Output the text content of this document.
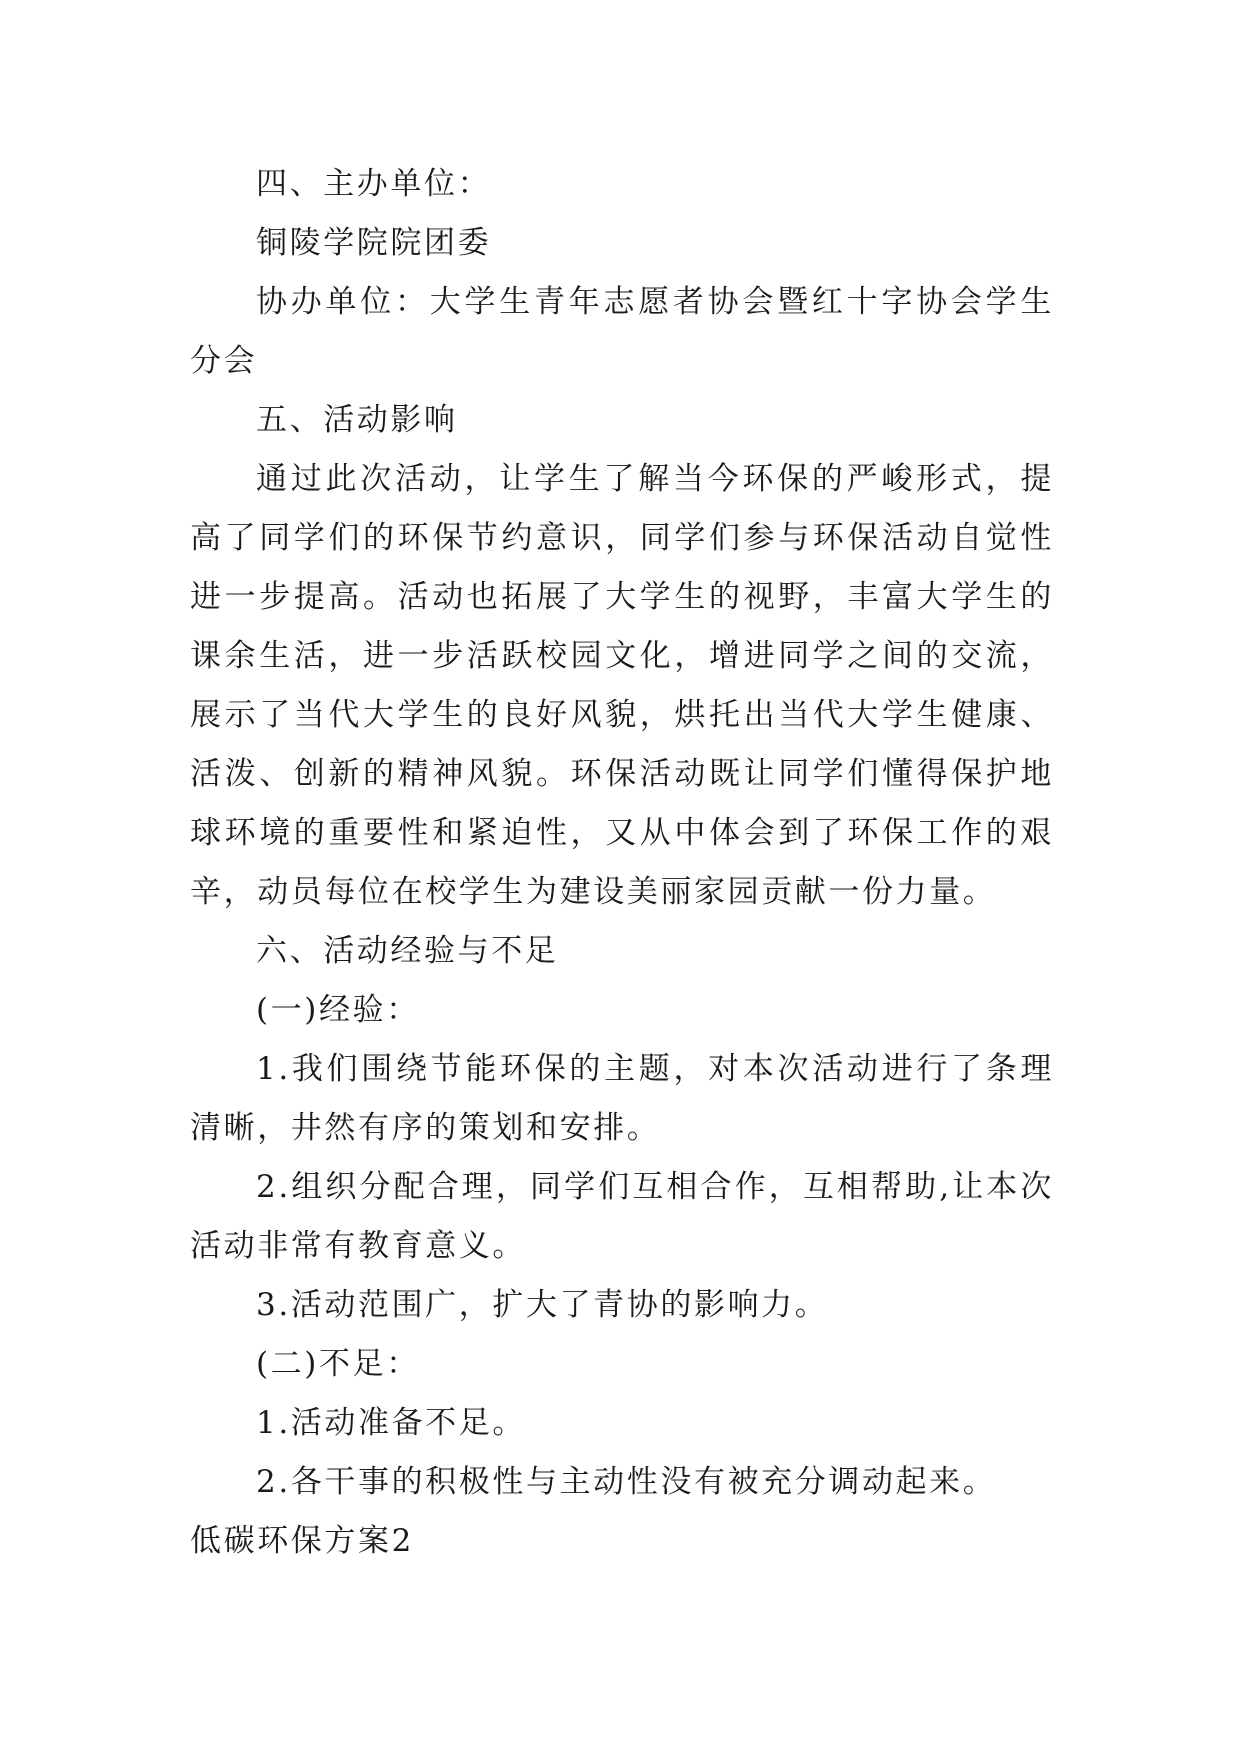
四、主办单位：

铜陵学院院团委

协办单位：大学生青年志愿者协会暨红十字协会学生分会

五、活动影响

通过此次活动，让学生了解当今环保的严峻形式，提高了同学们的环保节约意识，同学们参与环保活动自觉性进一步提高。活动也拓展了大学生的视野，丰富大学生的课余生活，进一步活跃校园文化，增进同学之间的交流，展示了当代大学生的良好风貌，烘托出当代大学生健康、活泼、创新的精神风貌。环保活动既让同学们懂得保护地球环境的重要性和紧迫性，又从中体会到了环保工作的艰辛，动员每位在校学生为建设美丽家园贡献一份力量。

六、活动经验与不足

(一)经验：

1.我们围绕节能环保的主题，对本次活动进行了条理清晰，井然有序的策划和安排。

2.组织分配合理，同学们互相合作，互相帮助,让本次活动非常有教育意义。

3.活动范围广，扩大了青协的影响力。

(二)不足：

1.活动准备不足。

2.各干事的积极性与主动性没有被充分调动起来。

低碳环保方案2
